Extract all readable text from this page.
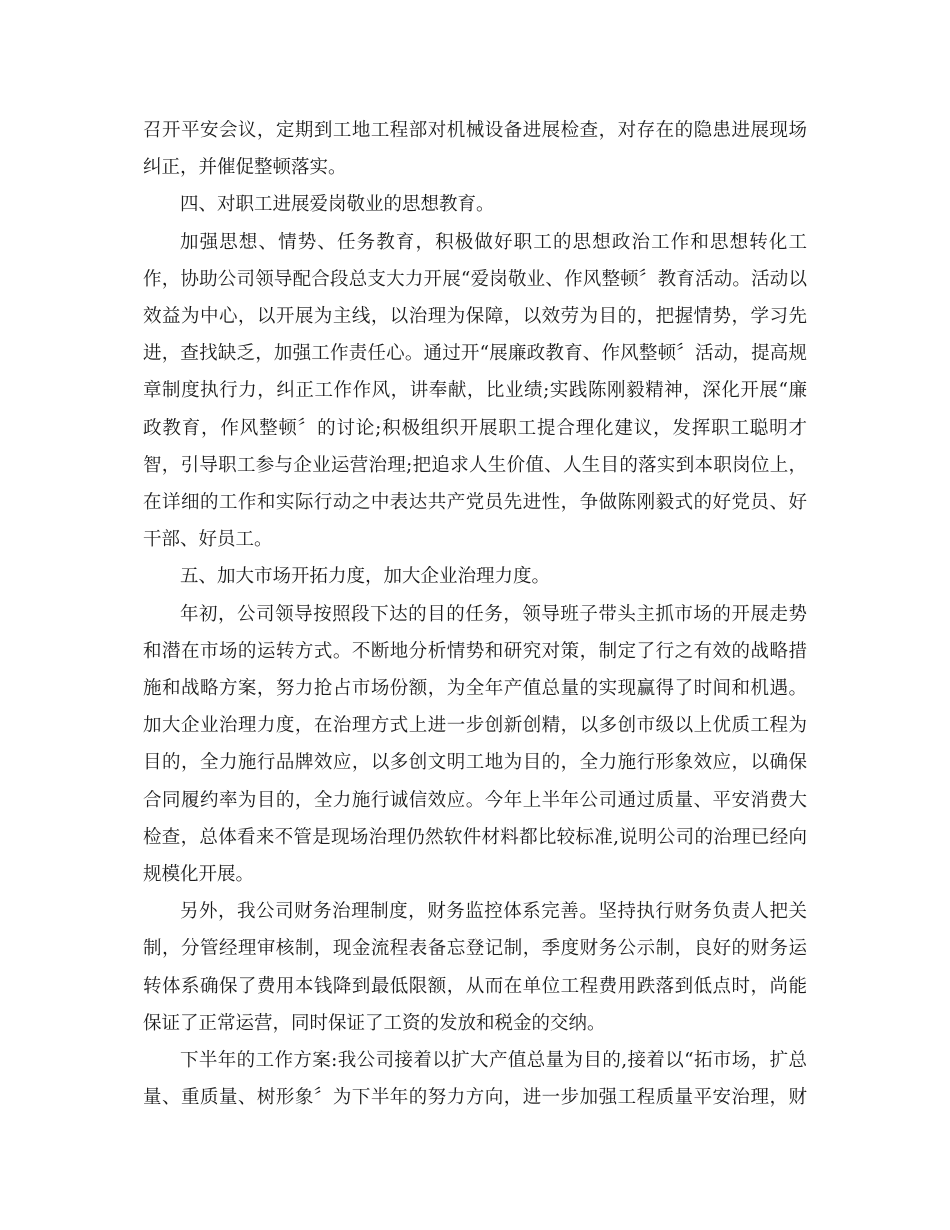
召开平安会议，定期到工地工程部对机械设备进展检查，对存在的隐患进展现场
纠正，并催促整顿落实。

四、对职工进展爱岗敬业的思想教育。

加强思想、情势、任务教育，积极做好职工的思想政治工作和思想转化工
作，协助公司领导配合段总支大力开展“爱岗敬业、作风整顿〞教育活动。活动以
效益为中心，以开展为主线，以治理为保障，以效劳为目的，把握情势，学习先
进，查找缺乏，加强工作责任心。通过开“展廉政教育、作风整顿〞活动，提高规
章制度执行力，纠正工作作风，讲奉献，比业绩;实践陈刚毅精神，深化开展“廉
政教育，作风整顿〞的讨论;积极组织开展职工提合理化建议，发挥职工聪明才
智，引导职工参与企业运营治理;把追求人生价值、人生目的落实到本职岗位上，
在详细的工作和实际行动之中表达共产党员先进性，争做陈刚毅式的好党员、好
干部、好员工。

五、加大市场开拓力度，加大企业治理力度。

年初，公司领导按照段下达的目的任务，领导班子带头主抓市场的开展走势
和潜在市场的运转方式。不断地分析情势和研究对策，制定了行之有效的战略措
施和战略方案，努力抢占市场份额，为全年产值总量的实现赢得了时间和机遇。
加大企业治理力度，在治理方式上进一步创新创精，以多创市级以上优质工程为
目的，全力施行品牌效应，以多创文明工地为目的，全力施行形象效应，以确保
合同履约率为目的，全力施行诚信效应。今年上半年公司通过质量、平安消费大
检查，总体看来不管是现场治理仍然软件材料都比较标准,说明公司的治理已经向
规模化开展。

另外，我公司财务治理制度，财务监控体系完善。坚持执行财务负责人把关
制，分管经理审核制，现金流程表备忘登记制，季度财务公示制，良好的财务运
转体系确保了费用本钱降到最低限额，从而在单位工程费用跌落到低点时，尚能
保证了正常运营，同时保证了工资的发放和税金的交纳。

下半年的工作方案:我公司接着以扩大产值总量为目的,接着以“拓市场，扩总
量、重质量、树形象〞为下半年的努力方向，进一步加强工程质量平安治理，财
